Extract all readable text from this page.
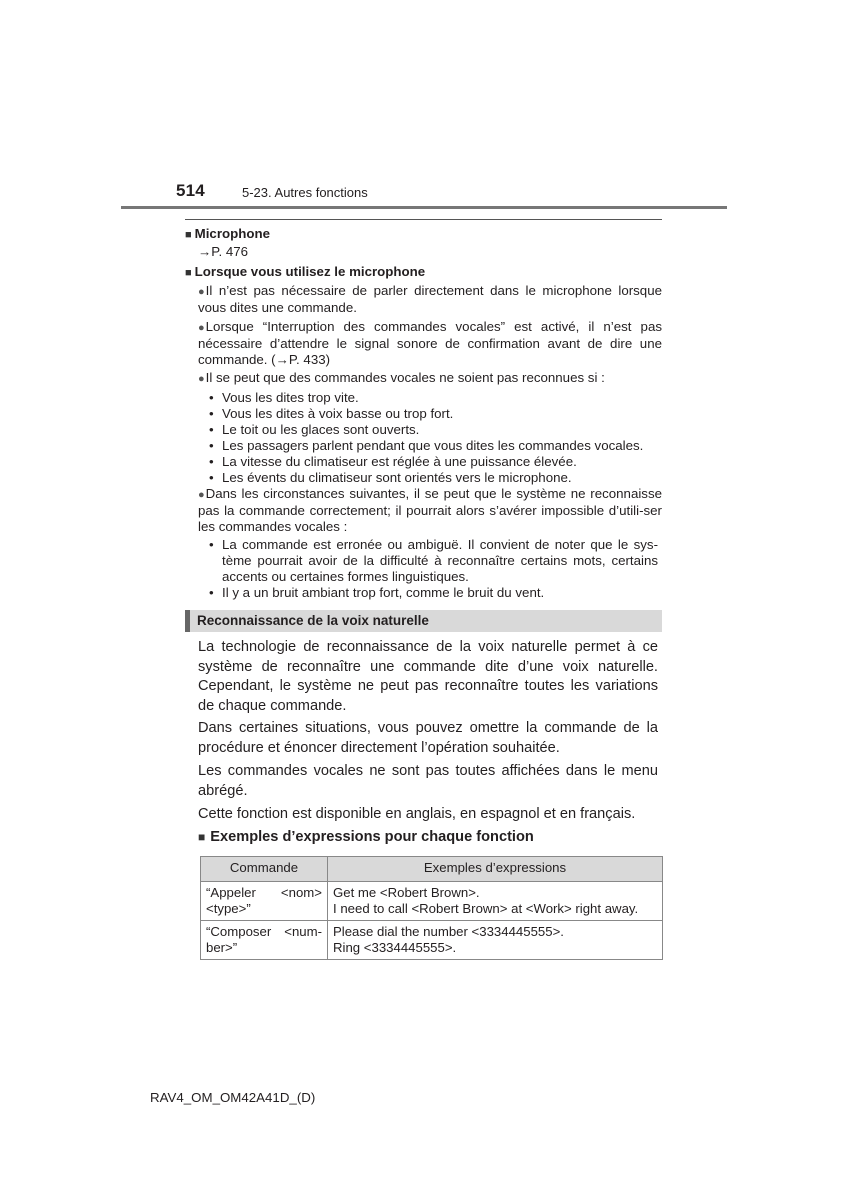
514	5-23. Autres fonctions
■ Microphone
→P. 476
■ Lorsque vous utilisez le microphone
●Il n’est pas nécessaire de parler directement dans le microphone lorsque vous dites une commande.
●Lorsque “Interruption des commandes vocales” est activé, il n’est pas nécessaire d’attendre le signal sonore de confirmation avant de dire une commande. (→P. 433)
●Il se peut que des commandes vocales ne soient pas reconnues si :
• Vous les dites trop vite.
• Vous les dites à voix basse ou trop fort.
• Le toit ou les glaces sont ouverts.
• Les passagers parlent pendant que vous dites les commandes vocales.
• La vitesse du climatiseur est réglée à une puissance élevée.
• Les évents du climatiseur sont orientés vers le microphone.
●Dans les circonstances suivantes, il se peut que le système ne reconnaisse pas la commande correctement; il pourrait alors s’avérer impossible d’utili-ser les commandes vocales :
• La commande est erronée ou ambiguë. Il convient de noter que le sys-tème pourrait avoir de la difficulté à reconnaître certains mots, certains accents ou certaines formes linguistiques.
• Il y a un bruit ambiant trop fort, comme le bruit du vent.
Reconnaissance de la voix naturelle
La technologie de reconnaissance de la voix naturelle permet à ce système de reconnaître une commande dite d’une voix naturelle. Cependant, le système ne peut pas reconnaître toutes les variations de chaque commande.
Dans certaines situations, vous pouvez omettre la commande de la procédure et énoncer directement l’opération souhaitée.
Les commandes vocales ne sont pas toutes affichées dans le menu abrégé.
Cette fonction est disponible en anglais, en espagnol et en français.
■ Exemples d’expressions pour chaque fonction
Commande	Exemples d’expressions

“Appeler <nom> <type>”	Get me <Robert Brown>.
I need to call <Robert Brown> at <Work> right away.

“Composer <num-ber>”	Please dial the number <3334445555>.
Ring <3334445555>.
RAV4_OM_OM42A41D_(D)
